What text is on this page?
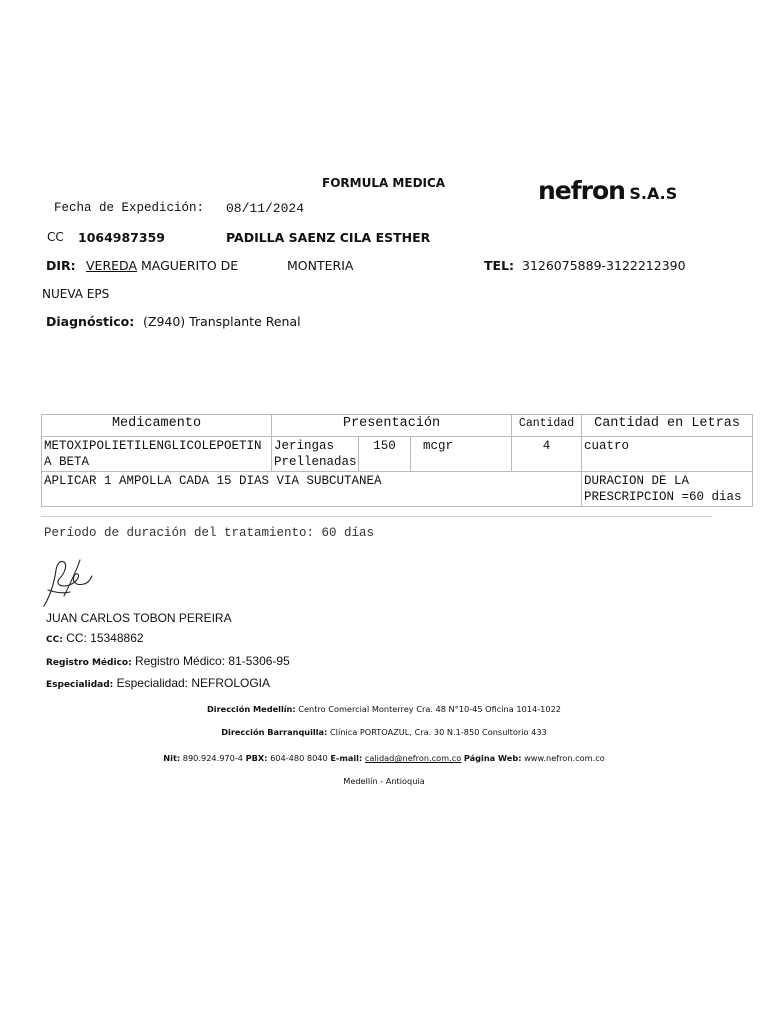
FORMULA MEDICA	nefron S.A.S
Fecha de Expedición: 08/11/2024
CC 1064987359	PADILLA SAENZ CILA ESTHER
DIR: VEREDA MAGUERITO DE	MONTERIA	TEL: 3126075889-3122212390
NUEVA EPS
Diagnóstico: (Z940) Transplante Renal
Medicamento	Presentación			Cantidad	Cantidad en Letras
METOXIPOLIETILENGLICOLEPOETIN A BETA	Jeringas Prellenadas	150	mcgr	4	cuatro
APLICAR 1 AMPOLLA CADA 15 DIAS VIA SUBCUTANEA					DURACION DE LA PRESCRIPCION =60 dias
Período de duración del tratamiento: 60 días
JUAN CARLOS TOBON PEREIRA
CC: CC: 15348862
Registro Médico: Registro Médico: 81-5306-95
Especialidad: Especialidad: NEFROLOGIA
Dirección Medellín: Centro Comercial Monterrey Cra. 48 N°10-45 Oficina 1014-1022
Dirección Barranquilla: Clínica PORTOAZUL, Cra. 30 N.1-850 Consultorio 433
Nit: 890.924.970-4 PBX: 604-480 8040 E-mail: calidad@nefron.com.co Página Web: www.nefron.com.co
Medellín - Antioquia
